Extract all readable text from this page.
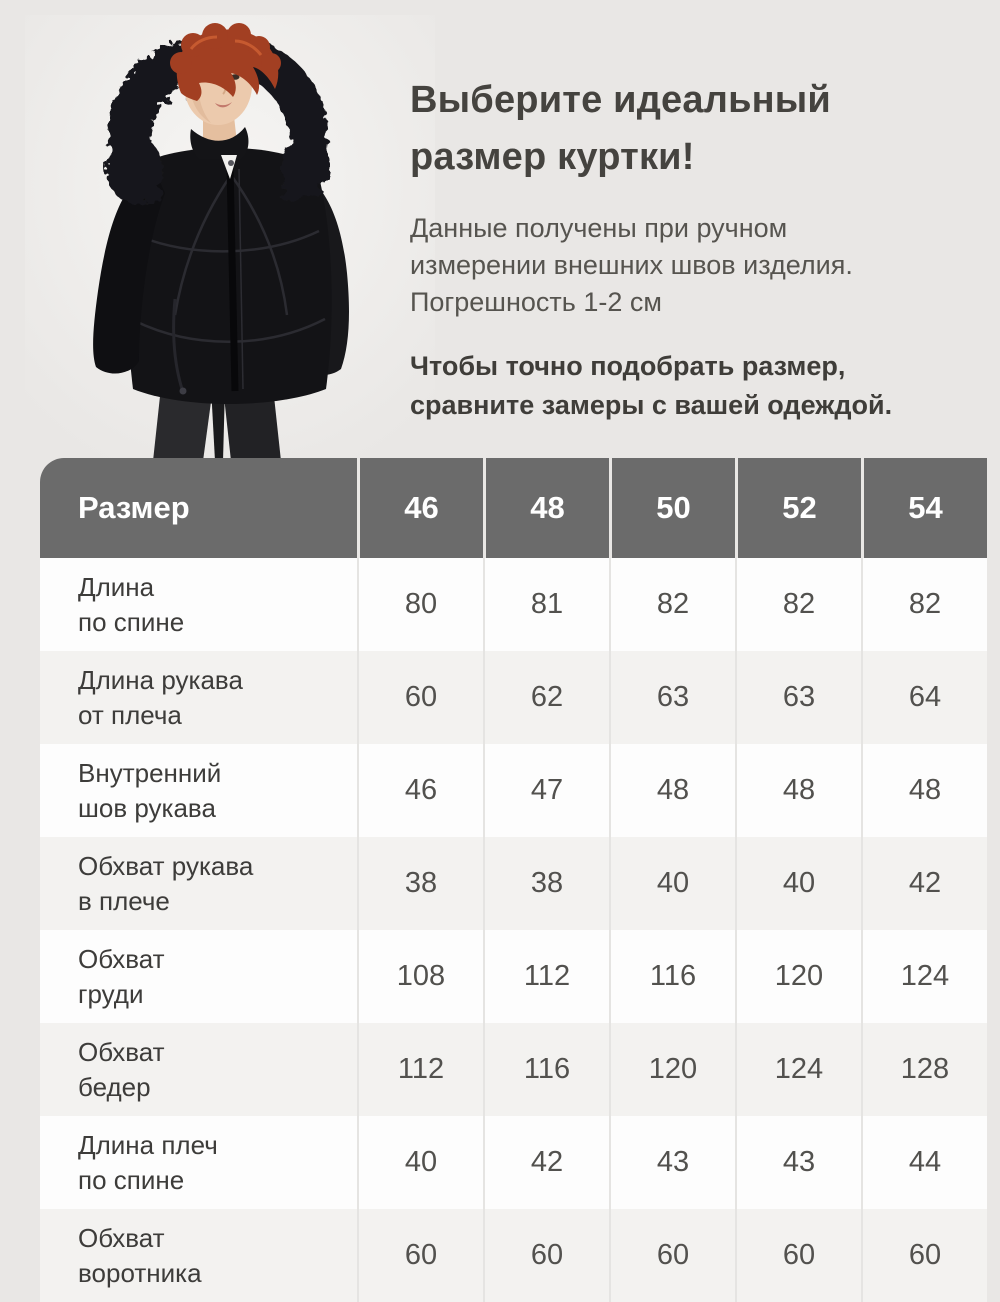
Выберите идеальный
размер куртки!

Данные получены при ручном
измерении внешних швов изделия.
Погрешность 1-2 см

Чтобы точно подобрать размер,
сравните замеры с вашей одеждой.

Размер	46	48	50	52	54
Длина
по спине
80	81	82	82	82
Длина рукава
от плеча
60	62	63	63	64
Внутренний
шов рукава
46	47	48	48	48
Обхват рукава
в плече
38	38	40	40	42
Обхват
груди
108	112	116	120	124
Обхват
бедер
112	116	120	124	128
Длина плеч
по спине
40	42	43	43	44
Обхват
воротника
60	60	60	60	60
